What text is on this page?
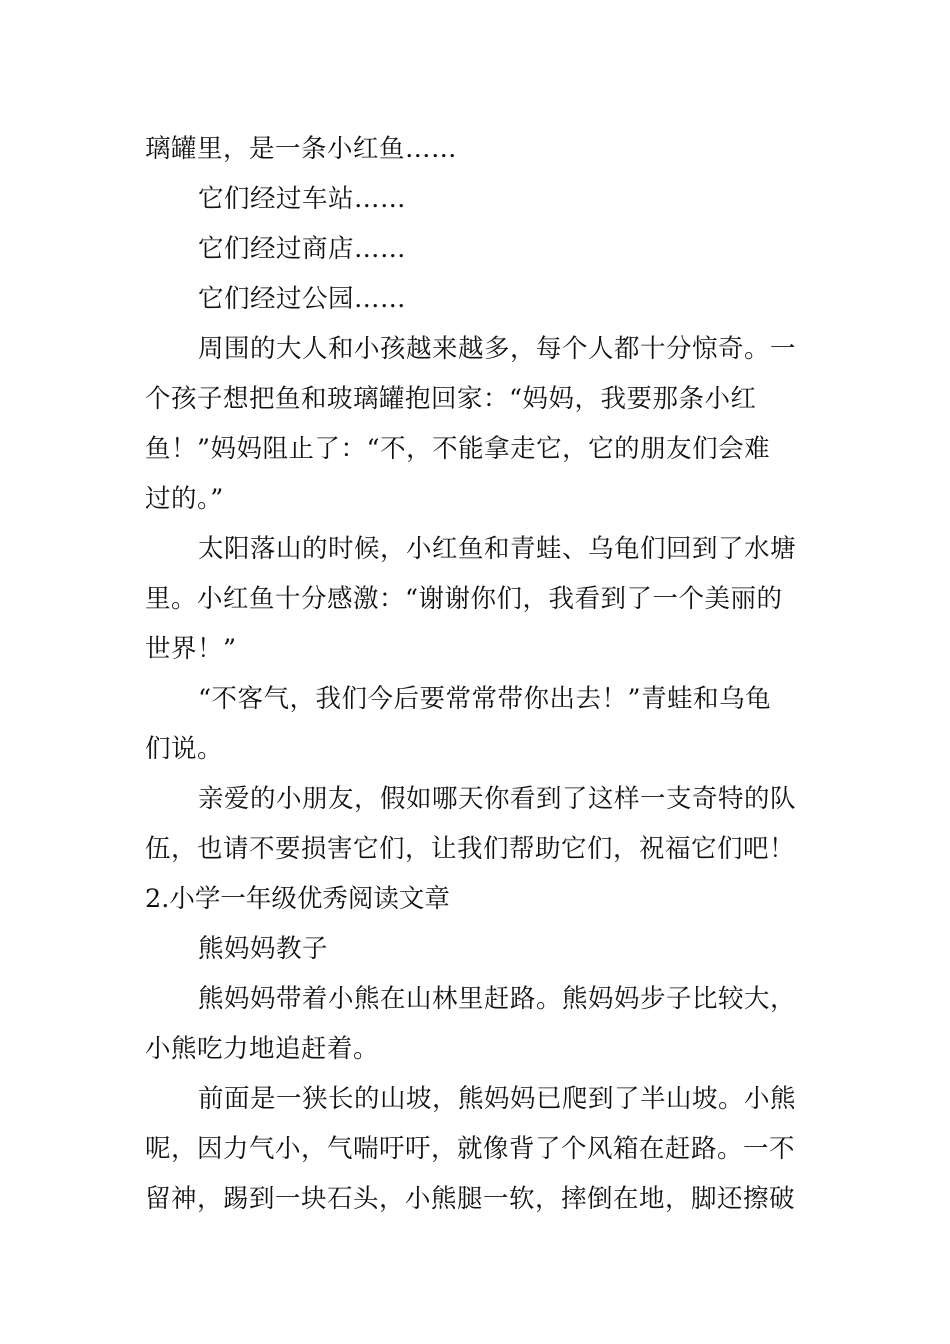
璃罐里，是一条小红鱼……
它们经过车站……
它们经过商店……
它们经过公园……
周围的大人和小孩越来越多，每个人都十分惊奇。一
个孩子想把鱼和玻璃罐抱回家：“妈妈，我要那条小红
鱼！”妈妈阻止了：“不，不能拿走它，它的朋友们会难
过的。”
太阳落山的时候，小红鱼和青蛙、乌龟们回到了水塘
里。小红鱼十分感激：“谢谢你们，我看到了一个美丽的
世界！”
“不客气，我们今后要常常带你出去！”青蛙和乌龟
们说。
亲爱的小朋友，假如哪天你看到了这样一支奇特的队
伍，也请不要损害它们，让我们帮助它们，祝福它们吧！
2.小学一年级优秀阅读文章
熊妈妈教子
熊妈妈带着小熊在山林里赶路。熊妈妈步子比较大，
小熊吃力地追赶着。
前面是一狭长的山坡，熊妈妈已爬到了半山坡。小熊
呢，因力气小，气喘吁吁，就像背了个风箱在赶路。一不
留神，踢到一块石头，小熊腿一软，摔倒在地，脚还擦破
